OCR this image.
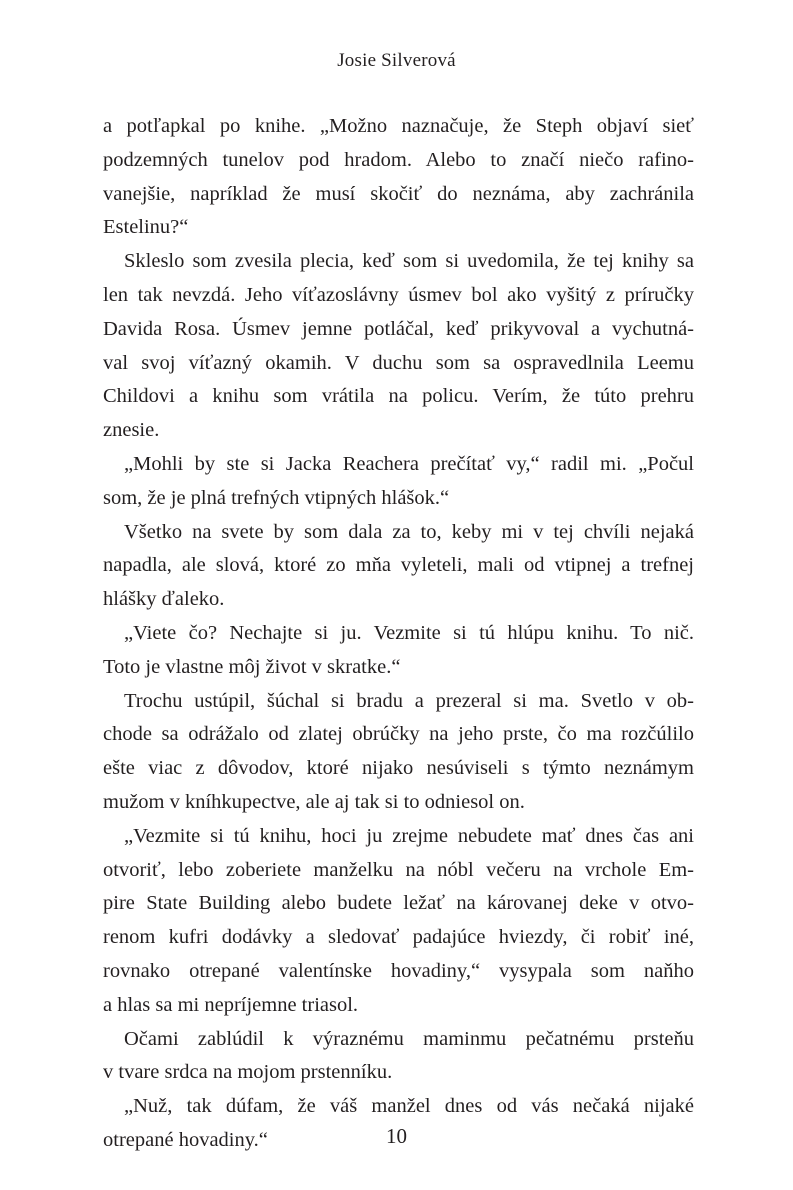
Josie Silverová
a potľapkal po knihe. „Možno naznačuje, že Steph objaví sieť
podzemných tunelov pod hradom. Alebo to značí niečo rafino-
vanejšie, napríklad že musí skočiť do neznáma, aby zachránila
Estelinu?“
Skleslo som zvesila plecia, keď som si uvedomila, že tej knihy sa
len tak nevzdá. Jeho víťazoslávny úsmev bol ako vyšitý z príručky
Davida Rosa. Úsmev jemne potláčal, keď prikyvoval a vychutná-
val svoj víťazný okamih. V duchu som sa ospravedlnila Leemu
Childovi a knihu som vrátila na policu. Verím, že túto prehru
znesie.
„Mohli by ste si Jacka Reachera prečítať vy,“ radil mi. „Počul
som, že je plná trefných vtipných hlášok.“
Všetko na svete by som dala za to, keby mi v tej chvíli nejaká
napadla, ale slová, ktoré zo mňa vyleteli, mali od vtipnej a trefnej
hlášky ďaleko.
„Viete čo? Nechajte si ju. Vezmite si tú hlúpu knihu. To nič.
Toto je vlastne môj život v skratke.“
Trochu ustúpil, šúchal si bradu a prezeral si ma. Svetlo v ob-
chode sa odrážalo od zlatej obrúčky na jeho prste, čo ma rozčúlilo
ešte viac z dôvodov, ktoré nijako nesúviseli s týmto neznámym
mužom v kníhkupectve, ale aj tak si to odniesol on.
„Vezmite si tú knihu, hoci ju zrejme nebudete mať dnes čas ani
otvoriť, lebo zoberiete manželku na nóbl večeru na vrchole Em-
pire State Building alebo budete ležať na károvanej deke v otvo-
renom kufri dodávky a sledovať padajúce hviezdy, či robiť iné,
rovnako otrepané valentínske hovadiny,“ vysypala som naňho
a hlas sa mi nepríjemne triasol.
Očami zablúdil k výraznému maminmu pečatnému prsteňu
v tvare srdca na mojom prstenníku.
„Nuž, tak dúfam, že váš manžel dnes od vás nečaká nijaké
otrepané hovadiny.“	10
